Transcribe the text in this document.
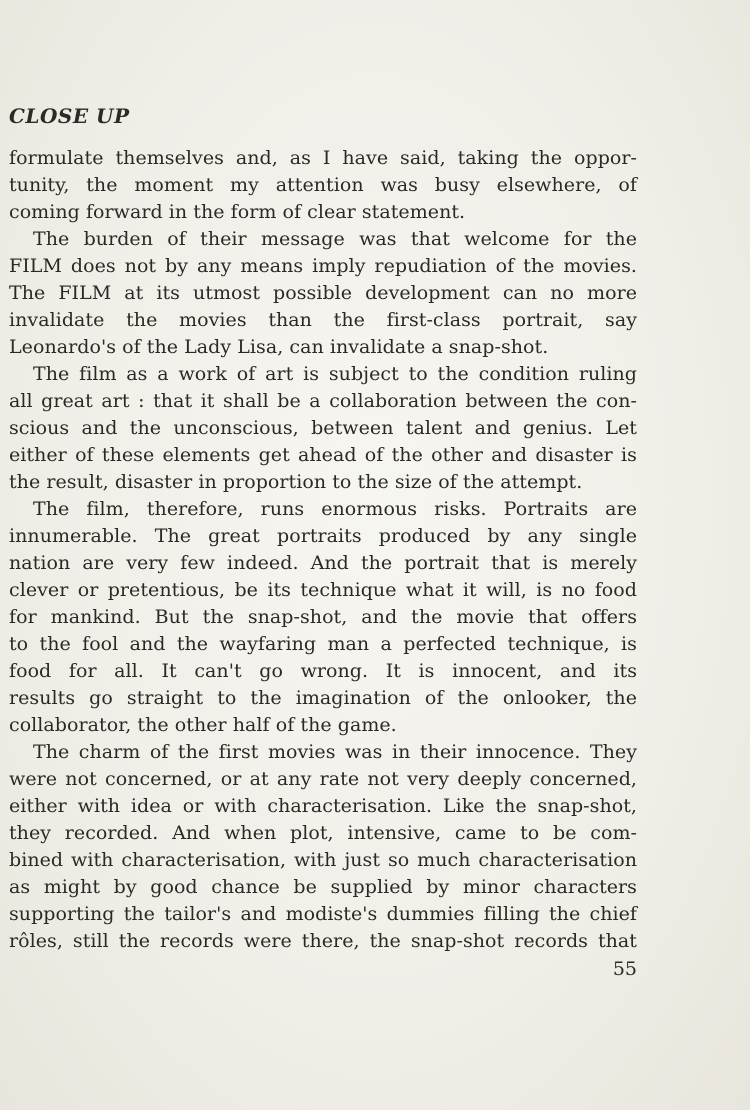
CLOSE UP

formulate themselves and, as I have said, taking the oppor-
tunity, the moment my attention was busy elsewhere, of
coming forward in the form of clear statement.

The burden of their message was that welcome for the
FILM does not by any means imply repudiation of the movies.
The FILM at its utmost possible development can no more
invalidate the movies than the first-class portrait, say
Leonardo's of the Lady Lisa, can invalidate a snap-shot.

The film as a work of art is subject to the condition ruling
all great art : that it shall be a collaboration between the con-
scious and the unconscious, between talent and genius. Let
either of these elements get ahead of the other and disaster is
the result, disaster in proportion to the size of the attempt.

The film, therefore, runs enormous risks. Portraits are
innumerable. The great portraits produced by any single
nation are very few indeed. And the portrait that is merely
clever or pretentious, be its technique what it will, is no food
for mankind. But the snap-shot, and the movie that offers
to the fool and the wayfaring man a perfected technique, is
food for all. It can't go wrong. It is innocent, and its
results go straight to the imagination of the onlooker, the
collaborator, the other half of the game.

The charm of the first movies was in their innocence. They
were not concerned, or at any rate not very deeply concerned,
either with idea or with characterisation. Like the snap-shot,
they recorded. And when plot, intensive, came to be com-
bined with characterisation, with just so much characterisation
as might by good chance be supplied by minor characters
supporting the tailor's and modiste's dummies filling the chief
rôles, still the records were there, the snap-shot records that

55
